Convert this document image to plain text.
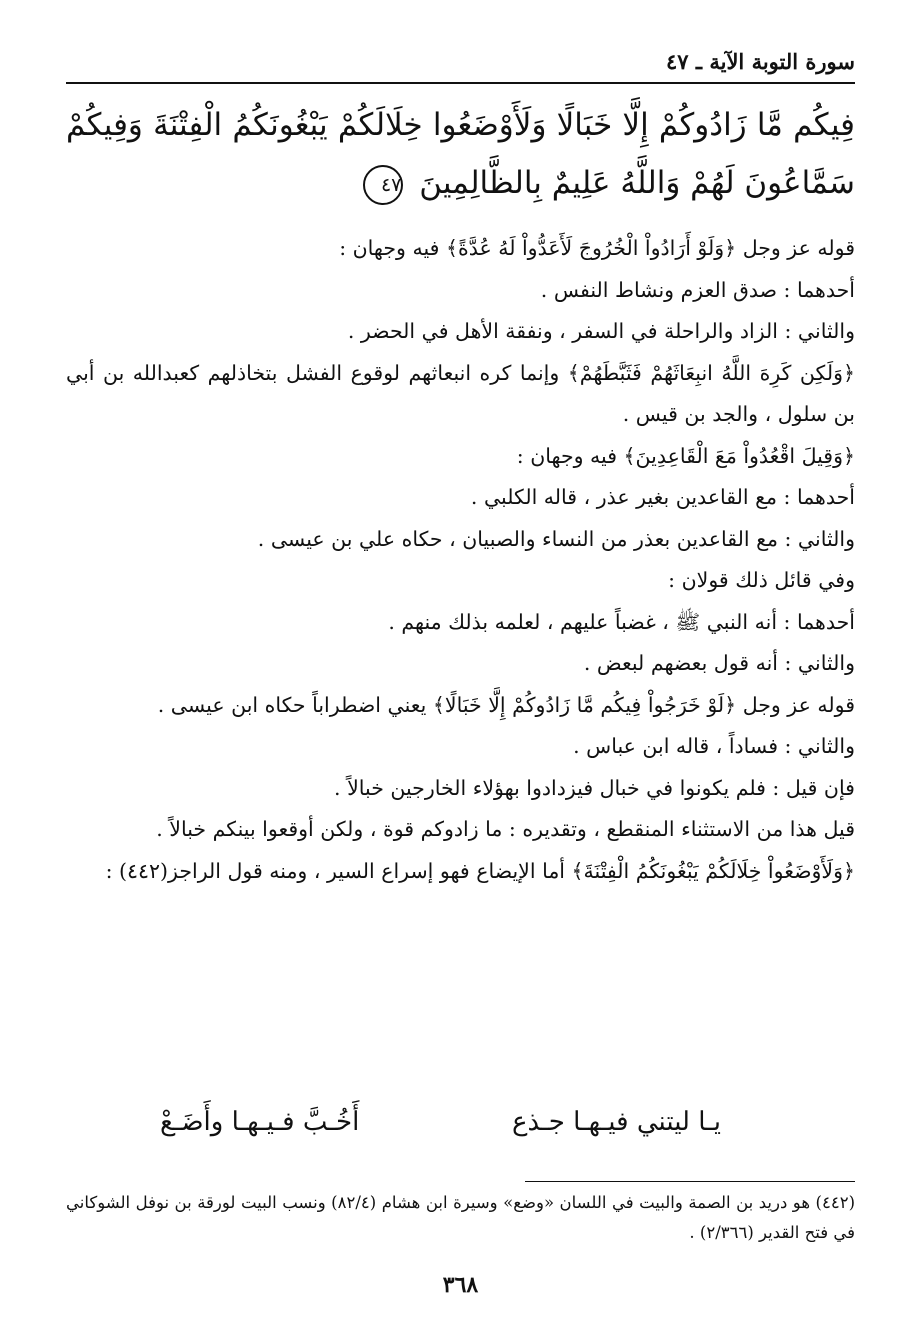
سورة التوبة الآية ـ ٤٧
فِيكُم مَّا زَادُوكُمْ إِلَّا خَبَالًا وَلَأَوْضَعُوا خِلَالَكُمْ يَبْغُونَكُمُ الْفِتْنَةَ وَفِيكُمْ سَمَّاعُونَ لَهُمْ وَاللَّهُ عَلِيمٌ بِالظَّالِمِينَ ٤٧

قوله عز وجل ﴿وَلَوْ أَرَادُواْ الْخُرُوجَ لَأَعَدُّواْ لَهُ عُدَّةً﴾ فيه وجهان :

أحدهما : صدق العزم ونشاط النفس .

والثاني : الزاد والراحلة في السفر ، ونفقة الأهل في الحضر .

﴿وَلَكِن كَرِهَ اللَّهُ انبِعَاثَهُمْ فَثَبَّطَهُمْ﴾ وإنما كره انبعاثهم لوقوع الفشل بتخاذلهم كعبدالله بن أبي بن سلول ، والجد بن قيس .

﴿وَقِيلَ اقْعُدُواْ مَعَ الْقَاعِدِينَ﴾ فيه وجهان :

أحدهما : مع القاعدين بغير عذر ، قاله الكلبي .

والثاني : مع القاعدين بعذر من النساء والصبيان ، حكاه علي بن عيسى .

وفي قائل ذلك قولان :

أحدهما : أنه النبي ﷺ ، غضباً عليهم ، لعلمه بذلك منهم .

والثاني : أنه قول بعضهم لبعض .

قوله عز وجل ﴿لَوْ خَرَجُواْ فِيكُم مَّا زَادُوكُمْ إِلَّا خَبَالًا﴾ يعني اضطراباً حكاه ابن عيسى .

والثاني : فساداً ، قاله ابن عباس .

فإن قيل : فلم يكونوا في خبال فيزدادوا بهؤلاء الخارجين خبالاً .

قيل هذا من الاستثناء المنقطع ، وتقديره : ما زادوكم قوة ، ولكن أوقعوا بينكم خبالاً .

﴿وَلَأَوْضَعُواْ خِلَالَكُمْ يَبْغُونَكُمُ الْفِتْنَةَ﴾ أما الإيضاع فهو إسراع السير ، ومنه قول الراجز(٤٤٢) :

يـا ليتني فيـهـا جـذع
أَخُـبَّ فـيـهـا وأَضَـعْ

(٤٤٢) هو دريد بن الصمة والبيت في اللسان «وضع» وسيرة ابن هشام (٨٢/٤) ونسب البيت لورقة بن نوفل الشوكاني في فتح القدير (٢/٣٦٦) .

٣٦٨
